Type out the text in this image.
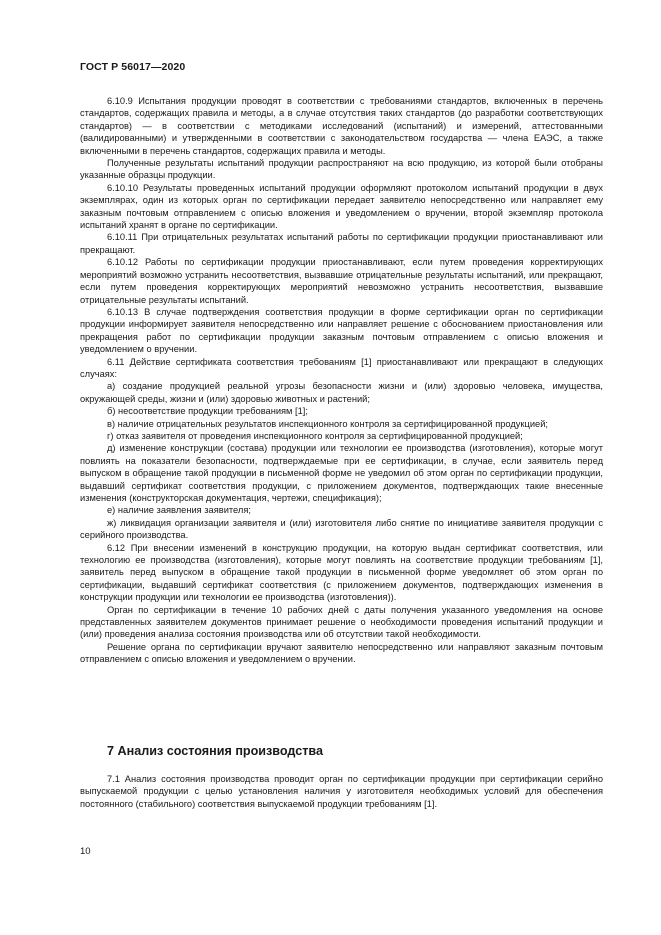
ГОСТ Р 56017—2020

6.10.9 Испытания продукции проводят в соответствии с требованиями стандартов, включенных в перечень стандартов, содержащих правила и методы, а в случае отсутствия таких стандартов (до разработки соответствующих стандартов) — в соответствии с методиками исследований (испытаний) и измерений, аттестованными (валидированными) и утвержденными в соответствии с законодательством государства — члена ЕАЭС, а также включенными в перечень стандартов, содержащих правила и методы.

Полученные результаты испытаний продукции распространяют на всю продукцию, из которой были отобраны указанные образцы продукции.

6.10.10 Результаты проведенных испытаний продукции оформляют протоколом испытаний продукции в двух экземплярах, один из которых орган по сертификации передает заявителю непосредственно или направляет ему заказным почтовым отправлением с описью вложения и уведомлением о вручении, второй экземпляр протокола испытаний хранят в органе по сертификации.

6.10.11 При отрицательных результатах испытаний работы по сертификации продукции приостанавливают или прекращают.

6.10.12 Работы по сертификации продукции приостанавливают, если путем проведения корректирующих мероприятий возможно устранить несоответствия, вызвавшие отрицательные результаты испытаний, или прекращают, если путем проведения корректирующих мероприятий невозможно устранить несоответствия, вызвавшие отрицательные результаты испытаний.

6.10.13 В случае подтверждения соответствия продукции в форме сертификации орган по сертификации продукции информирует заявителя непосредственно или направляет решение с обоснованием приостановления или прекращения работ по сертификации продукции заказным почтовым отправлением с описью вложения и уведомлением о вручении.

6.11 Действие сертификата соответствия требованиям [1] приостанавливают или прекращают в следующих случаях:

а) создание продукцией реальной угрозы безопасности жизни и (или) здоровью человека, имущества, окружающей среды, жизни и (или) здоровью животных и растений;

б) несоответствие продукции требованиям [1];

в) наличие отрицательных результатов инспекционного контроля за сертифицированной продукцией;

г) отказ заявителя от проведения инспекционного контроля за сертифицированной продукцией;

д) изменение конструкции (состава) продукции или технологии ее производства (изготовления), которые могут повлиять на показатели безопасности, подтверждаемые при ее сертификации, в случае, если заявитель перед выпуском в обращение такой продукции в письменной форме не уведомил об этом орган по сертификации продукции, выдавший сертификат соответствия продукции, с приложением документов, подтверждающих такие внесенные изменения (конструкторская документация, чертежи, спецификация);

е) наличие заявления заявителя;

ж) ликвидация организации заявителя и (или) изготовителя либо снятие по инициативе заявителя продукции с серийного производства.

6.12 При внесении изменений в конструкцию продукции, на которую выдан сертификат соответствия, или технологию ее производства (изготовления), которые могут повлиять на соответствие продукции требованиям [1], заявитель перед выпуском в обращение такой продукции в письменной форме уведомляет об этом орган по сертификации, выдавший сертификат соответствия (с приложением документов, подтверждающих изменения в конструкции продукции или технологии ее производства (изготовления)).

Орган по сертификации в течение 10 рабочих дней с даты получения указанного уведомления на основе представленных заявителем документов принимает решение о необходимости проведения испытаний продукции и (или) проведения анализа состояния производства или об отсутствии такой необходимости.

Решение органа по сертификации вручают заявителю непосредственно или направляют заказным почтовым отправлением с описью вложения и уведомлением о вручении.

7 Анализ состояния производства

7.1 Анализ состояния производства проводит орган по сертификации продукции при сертификации серийно выпускаемой продукции с целью установления наличия у изготовителя необходимых условий для обеспечения постоянного (стабильного) соответствия выпускаемой продукции требованиям [1].

10
